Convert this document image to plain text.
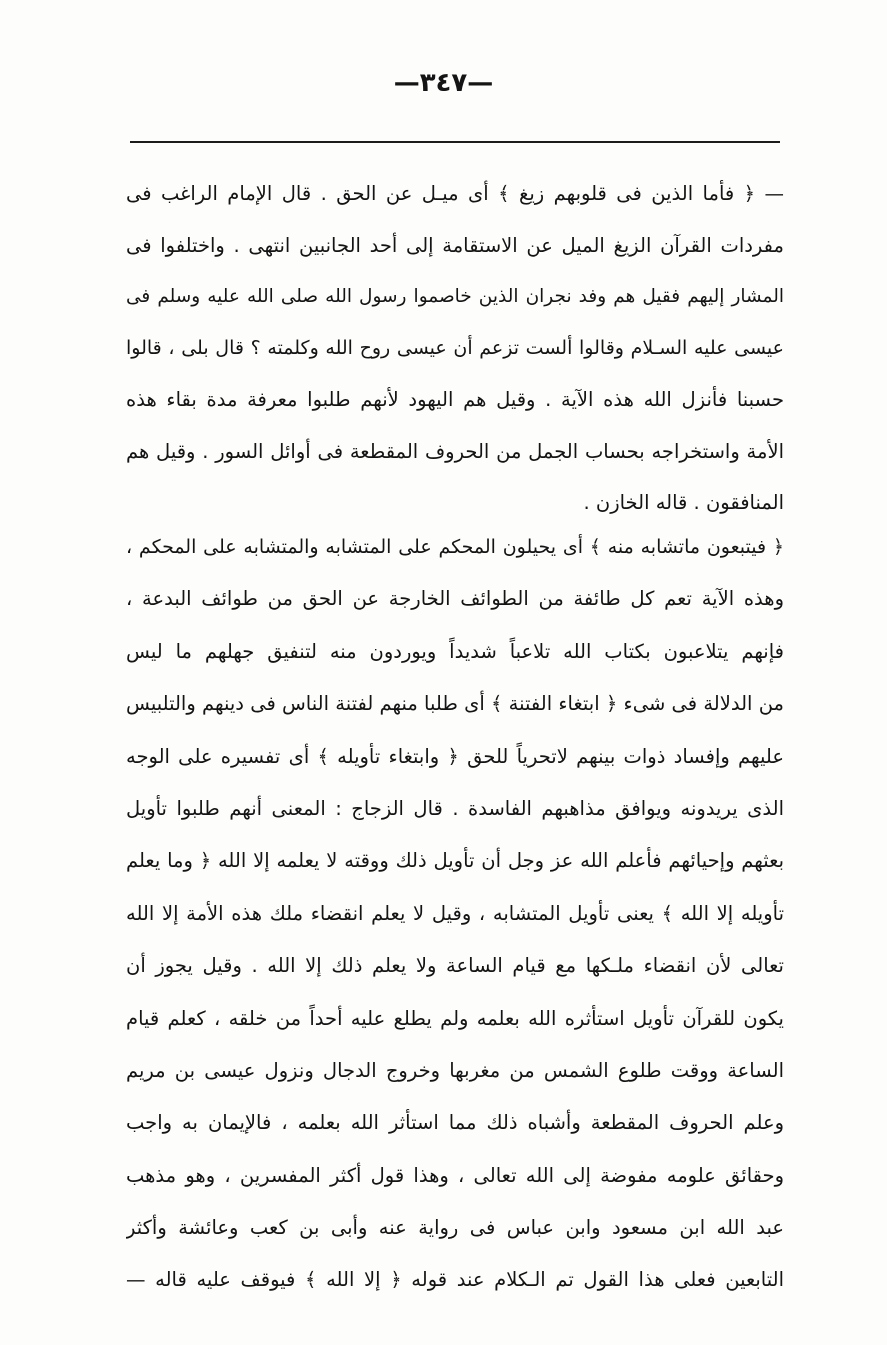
—٣٤٧—
— ﴿ فأما الذين فى قلوبهم زيغ ﴾ أى ميـل عن الحق . قال الإمام الراغب فى
مفردات القرآن الزيغ الميل عن الاستقامة إلى أحد الجانبين انتهى . واختلفوا فى
المشار إليهم فقيل هم وفد نجران الذين خاصموا رسول الله صلى الله عليه وسلم فى
عيسى عليه السـلام وقالوا ألست تزعم أن عيسى روح الله وكلمته ؟ قال بلى ، قالوا
حسبنا فأنزل الله هذه الآية . وقيل هم اليهود لأنهم طلبوا معرفة مدة بقاء هذه
الأمة واستخراجه بحساب الجمل من الحروف المقطعة فى أوائل السور . وقيل هم
المنافقون . قاله الخازن .
﴿ فيتبعون ماتشابه منه ﴾ أى يحيلون المحكم على المتشابه والمتشابه على المحكم ،
وهذه الآية تعم كل طائفة من الطوائف الخارجة عن الحق من طوائف البدعة ،
فإنهم يتلاعبون بكتاب الله تلاعباً شديداً ويوردون منه لتنفيق جهلهم ما ليس
من الدلالة فى شىء ﴿ ابتغاء الفتنة ﴾ أى طلبا منهم لفتنة الناس فى دينهم والتلبيس
عليهم وإفساد ذوات بينهم لاتحرياً للحق ﴿ وابتغاء تأويله ﴾ أى تفسيره على الوجه
الذى يريدونه ويوافق مذاهبهم الفاسدة . قال الزجاج : المعنى أنهم طلبوا تأويل
بعثهم وإحيائهم فأعلم الله عز وجل أن تأويل ذلك ووقته لا يعلمه إلا الله ﴿ وما يعلم
تأويله إلا الله ﴾ يعنى تأويل المتشابه ، وقيل لا يعلم انقضاء ملك هذه الأمة إلا الله
تعالى لأن انقضاء ملـكها مع قيام الساعة ولا يعلم ذلك إلا الله . وقيل يجوز أن
يكون للقرآن تأويل استأثره الله بعلمه ولم يطلع عليه أحداً من خلقه ، كعلم قيام
الساعة ووقت طلوع الشمس من مغربها وخروج الدجال ونزول عيسى بن مريم
وعلم الحروف المقطعة وأشباه ذلك مما استأثر الله بعلمه ، فالإيمان به واجب
وحقائق علومه مفوضة إلى الله تعالى ، وهذا قول أكثر المفسرين ، وهو مذهب
عبد الله ابن مسعود وابن عباس فى رواية عنه وأبى بن كعب وعائشة وأكثر
التابعين فعلى هذا القول تم الـكلام عند قوله ﴿ إلا الله ﴾ فيوقف عليه قاله —
